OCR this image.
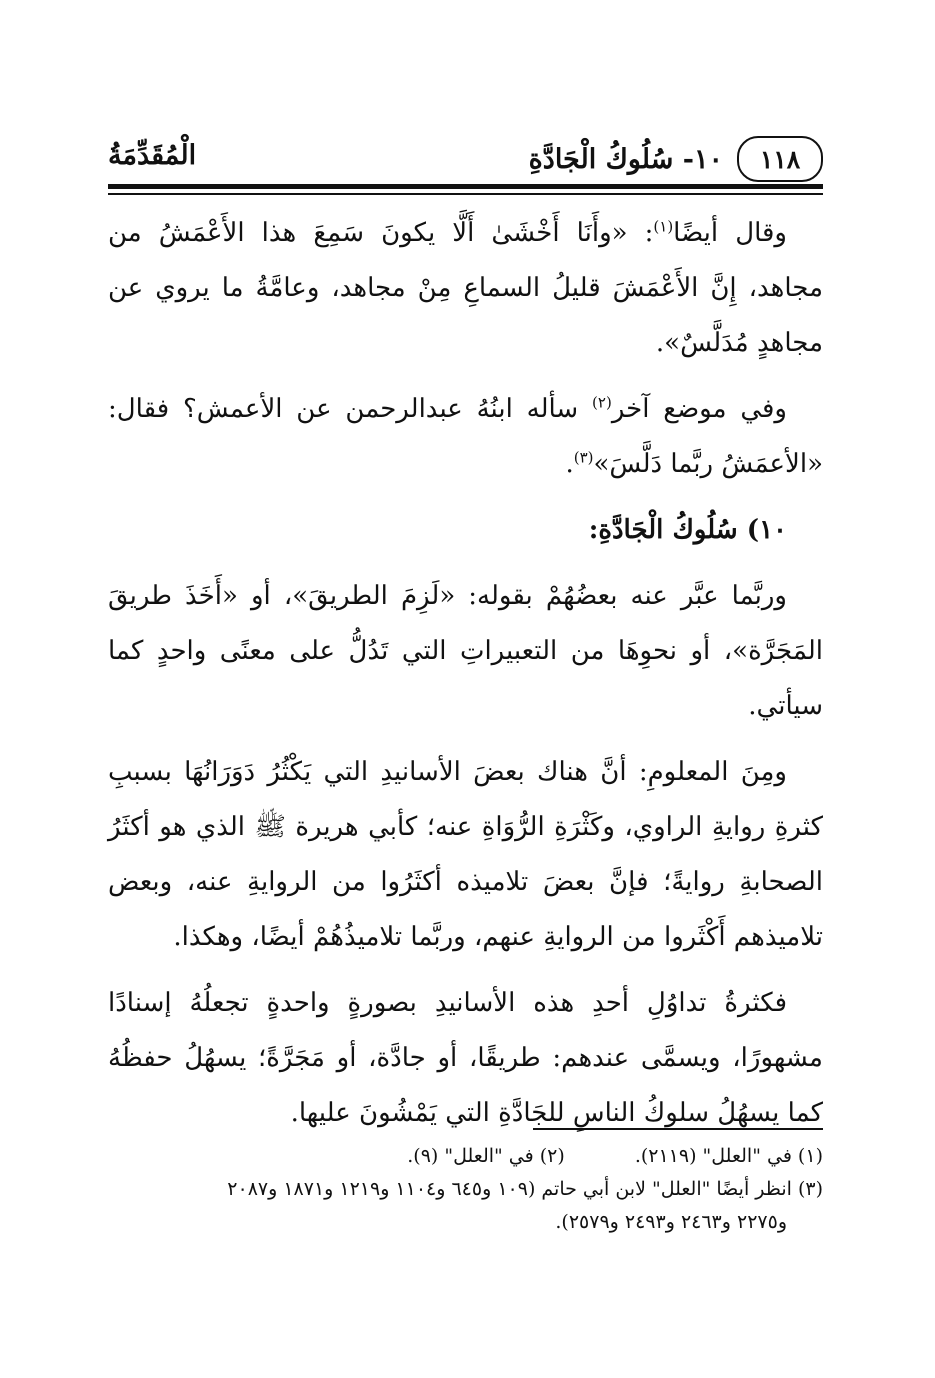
١١٨
١٠- سُلُوكُ الْجَادَّةِ
الْمُقَدِّمَةُ

وقال أيضًا$^{(١)}$: «وأَنَا أَخْشَىٰ أَلَّا يكونَ سَمِعَ هذا الأَعْمَشُ من مجاهد، إِنَّ الأَعْمَشَ قليلُ السماعِ مِنْ مجاهد، وعامَّةُ ما يروي عن مجاهدٍ مُدَلَّسٌ».

وفي موضع آخر$^{(٢)}$ سأله ابنُهُ عبدالرحمن عن الأعمش؟ فقال: «الأعمَشُ ربَّما دَلَّسَ»$^{(٣)}$.

١٠) سُلُوكُ الْجَادَّةِ:

وربَّما عبَّر عنه بعضُهُمْ بقوله: «لَزِمَ الطريقَ»، أو «أَخَذَ طريقَ المَجَرَّة»، أو نحوِهَا من التعبيراتِ التي تَدُلُّ على معنًى واحدٍ كما سيأتي.

ومِنَ المعلومِ: أنَّ هناك بعضَ الأسانيدِ التي يَكْثُرُ دَوَرَانُهَا بسببِ كثرةِ روايةِ الراوي، وكَثْرَةِ الرُّوَاةِ عنه؛ كأبي هريرة ﷺ الذي هو أكثَرُ الصحابةِ روايةً؛ فإنَّ بعضَ تلاميذه أكثَرُوا من الروايةِ عنه، وبعض تلاميذهم أَكْثَروا من الروايةِ عنهم، وربَّما تلاميذُهُمْ أيضًا، وهكذا.

فكثرةُ تداوُلِ أحدِ هذه الأسانيدِ بصورةٍ واحدةٍ تجعلُهُ إسنادًا مشهورًا، ويسمَّى عندهم: طريقًا، أو جادَّة، أو مَجَرَّةً؛ يسهُلُ حفظُهُ كما يسهُلُ سلوكُ الناسِ للجَادَّةِ التي يَمْشُونَ عليها.

(١) في "العلل" (٢١١٩).
(٢) في "العلل" (٩).
(٣) انظر أيضًا "العلل" لابن أبي حاتم (١٠٩ و٦٤٥ و١١٠٤ و١٢١٩ و١٨٧١ و٢٠٨٧
و٢٢٧٥ و٢٤٦٣ و٢٤٩٣ و٢٥٧٩).
